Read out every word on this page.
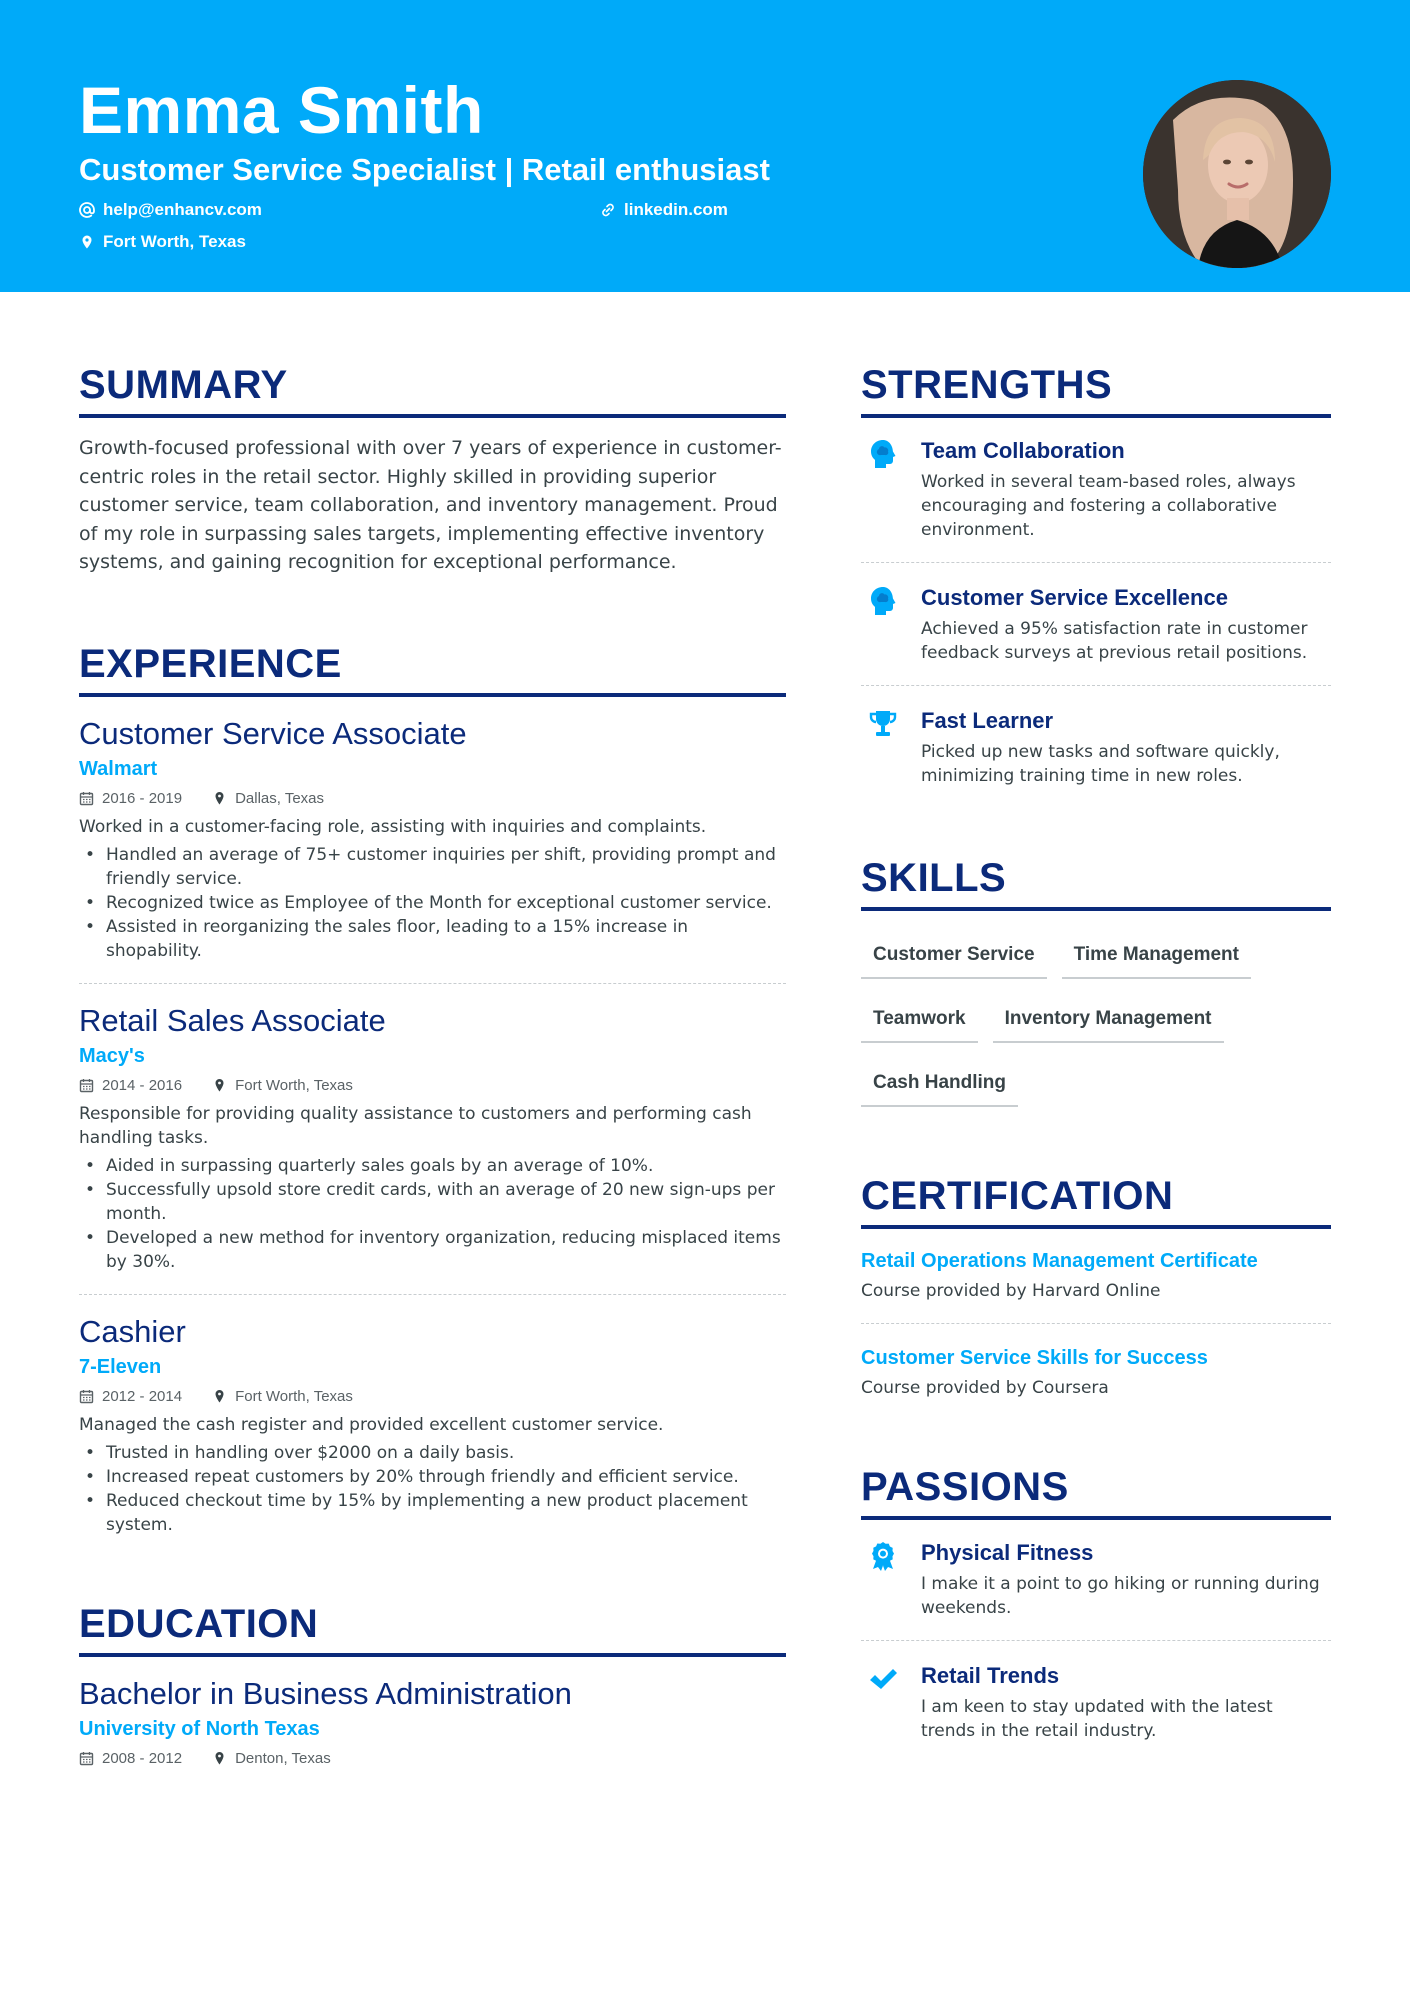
Emma Smith
Customer Service Specialist | Retail enthusiast
help@enhancv.com	linkedin.com
Fort Worth, Texas
SUMMARY

Growth-focused professional with over 7 years of experience in customer-centric roles in the retail sector. Highly skilled in providing superior customer service, team collaboration, and inventory management. Proud of my role in surpassing sales targets, implementing effective inventory systems, and gaining recognition for exceptional performance.

EXPERIENCE
Customer Service Associate
Walmart
2016 - 2019	Dallas, Texas
Worked in a customer-facing role, assisting with inquiries and complaints.
• Handled an average of 75+ customer inquiries per shift, providing prompt and friendly service.
• Recognized twice as Employee of the Month for exceptional customer service.
• Assisted in reorganizing the sales floor, leading to a 15% increase in shopability.
Retail Sales Associate
Macy's
2014 - 2016	Fort Worth, Texas
Responsible for providing quality assistance to customers and performing cash handling tasks.
• Aided in surpassing quarterly sales goals by an average of 10%.
• Successfully upsold store credit cards, with an average of 20 new sign-ups per month.
• Developed a new method for inventory organization, reducing misplaced items by 30%.
Cashier
7-Eleven
2012 - 2014	Fort Worth, Texas
Managed the cash register and provided excellent customer service.
• Trusted in handling over $2000 on a daily basis.
• Increased repeat customers by 20% through friendly and efficient service.
• Reduced checkout time by 15% by implementing a new product placement system.
EDUCATION
Bachelor in Business Administration
University of North Texas
2008 - 2012	Denton, Texas
STRENGTHS
Team Collaboration
Worked in several team-based roles, always encouraging and fostering a collaborative environment.
Customer Service Excellence
Achieved a 95% satisfaction rate in customer feedback surveys at previous retail positions.
Fast Learner
Picked up new tasks and software quickly, minimizing training time in new roles.
SKILLS
Customer Service	Time Management
Teamwork	Inventory Management
Cash Handling
CERTIFICATION
Retail Operations Management Certificate
Course provided by Harvard Online
Customer Service Skills for Success
Course provided by Coursera
PASSIONS
Physical Fitness
I make it a point to go hiking or running during weekends.
Retail Trends
I am keen to stay updated with the latest trends in the retail industry.
